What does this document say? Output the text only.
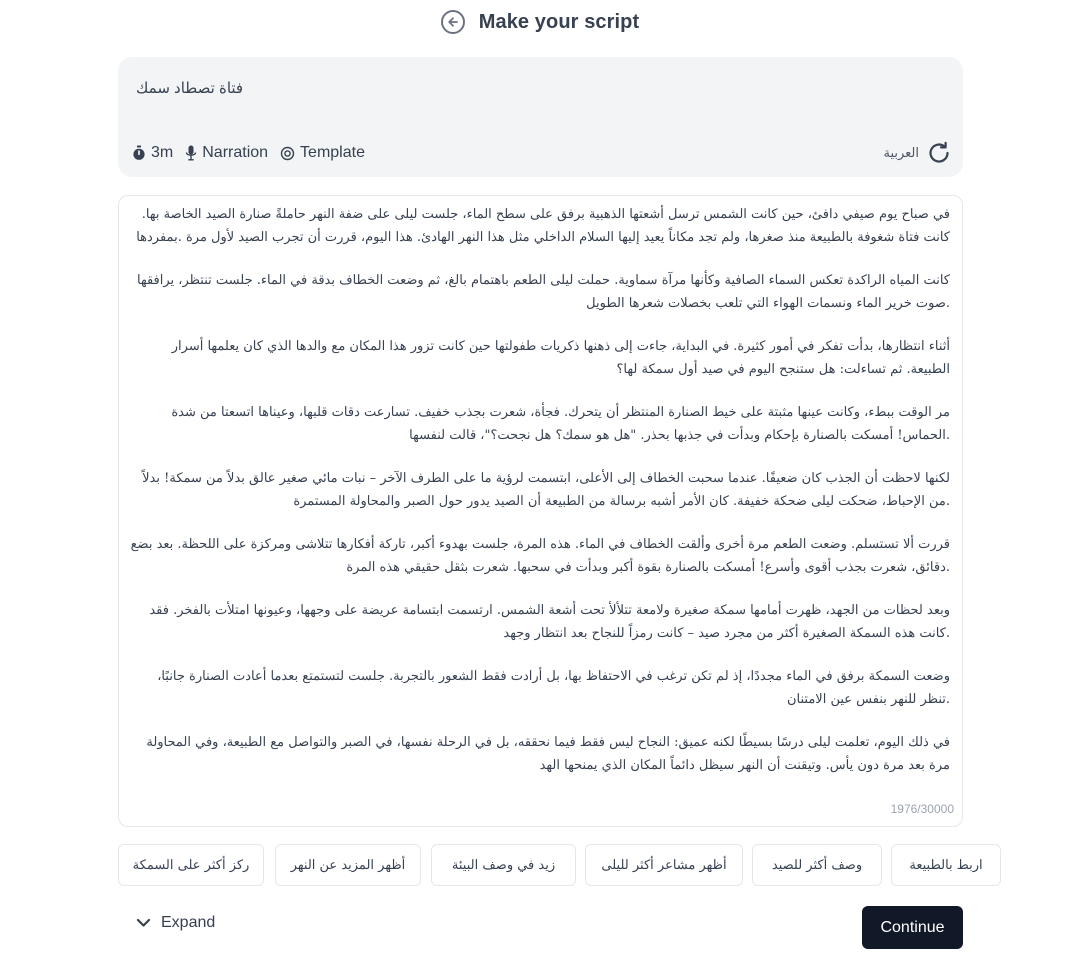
Make your script
فتاة تصطاد سمك
3m Narration Template	العربية

في صباح يوم صيفي دافئ، حين كانت الشمس ترسل أشعتها الذهبية برفق على سطح الماء، جلست ليلى على ضفة النهر حاملةً صنارة الصيد الخاصة بها. كانت فتاة شغوفة بالطبيعة منذ صغرها، ولم تجد مكاناً يعيد إليها السلام الداخلي مثل هذا النهر الهادئ. هذا اليوم، قررت أن تجرب الصيد لأول مرة .بمفردها

كانت المياه الراكدة تعكس السماء الصافية وكأنها مرآة سماوية. حملت ليلى الطعم باهتمام بالغ، ثم وضعت الخطاف بدقة في الماء. جلست تنتظر، يرافقها .صوت خرير الماء ونسمات الهواء التي تلعب بخصلات شعرها الطويل

أثناء انتظارها، بدأت تفكر في أمور كثيرة. في البداية، جاءت إلى ذهنها ذكريات طفولتها حين كانت تزور هذا المكان مع والدها الذي كان يعلمها أسرار الطبيعة. ثم تساءلت: هل ستنجح اليوم في صيد أول سمكة لها؟

مر الوقت ببطء، وكانت عينها مثبتة على خيط الصنارة المنتظر أن يتحرك. فجأة، شعرت بجذب خفيف. تسارعت دقات قلبها، وعيناها اتسعتا من شدة .الحماس! أمسكت بالصنارة بإحكام وبدأت في جذبها بحذر. "هل هو سمك؟ هل نجحت؟"، قالت لنفسها

لكنها لاحظت أن الجذب كان ضعيفًا. عندما سحبت الخطاف إلى الأعلى، ابتسمت لرؤية ما على الطرف الآخر – نبات مائي صغير عالق بدلاً من سمكة! بدلاً .من الإحباط، ضحكت ليلى ضحكة خفيفة. كان الأمر أشبه برسالة من الطبيعة أن الصيد يدور حول الصبر والمحاولة المستمرة

قررت ألا تستسلم. وضعت الطعم مرة أخرى وألقت الخطاف في الماء. هذه المرة، جلست بهدوء أكبر، تاركة أفكارها تتلاشى ومركزة على اللحظة. بعد بضع .دقائق، شعرت بجذب أقوى وأسرع! أمسكت بالصنارة بقوة أكبر وبدأت في سحبها. شعرت بثقل حقيقي هذه المرة

وبعد لحظات من الجهد، ظهرت أمامها سمكة صغيرة ولامعة تتلألأ تحت أشعة الشمس. ارتسمت ابتسامة عريضة على وجهها، وعيونها امتلأت بالفخر. فقد .كانت هذه السمكة الصغيرة أكثر من مجرد صيد – كانت رمزاً للنجاح بعد انتظار وجهد

وضعت السمكة برفق في الماء مجددًا، إذ لم تكن ترغب في الاحتفاظ بها، بل أرادت فقط الشعور بالتجربة. جلست لتستمتع بعدما أعادت الصنارة جانبًا، .تنظر للنهر بنفس عين الامتنان

في ذلك اليوم، تعلمت ليلى درسًا بسيطًا لكنه عميق: النجاح ليس فقط فيما نحققه، بل في الرحلة نفسها، في الصبر والتواصل مع الطبيعة، وفي المحاولة مرة بعد مرة دون يأس. وتيقنت أن النهر سيظل دائماً المكان الذي يمنحها الهد

1976/30000
ركز أكثر على السمكة	أظهر المزيد عن النهر	زيد في وصف البيئة	أظهر مشاعر أكثر لليلى	وصف أكثر للصيد	اربط بالطبيعة
Expand	Continue
